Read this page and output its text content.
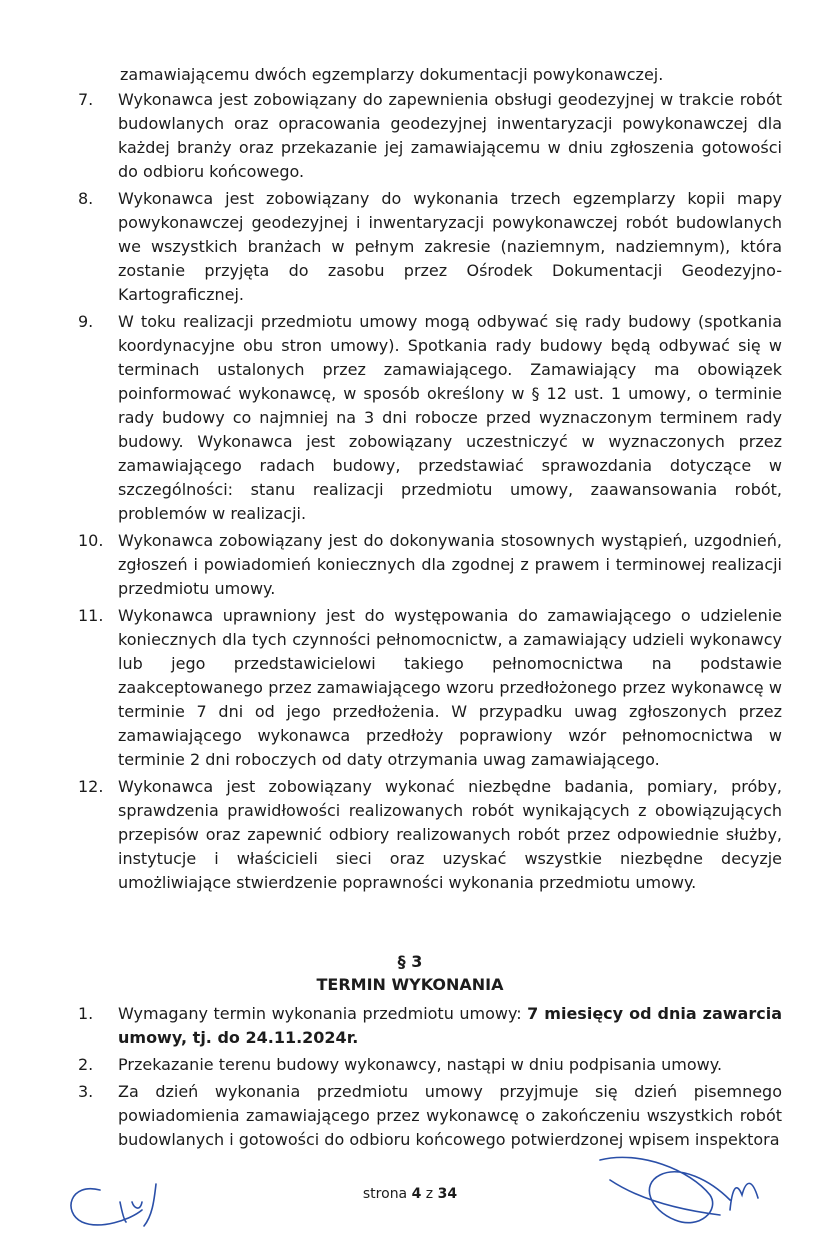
zamawiającemu dwóch egzemplarzy dokumentacji powykonawczej.
7.	Wykonawca jest zobowiązany do zapewnienia obsługi geodezyjnej w trakcie robót budowlanych oraz opracowania geodezyjnej inwentaryzacji powykonawczej dla każdej branży oraz przekazanie jej zamawiającemu w dniu zgłoszenia gotowości do odbioru końcowego.
8.	Wykonawca jest zobowiązany do wykonania trzech egzemplarzy kopii mapy powykonawczej geodezyjnej i inwentaryzacji powykonawczej robót budowlanych we wszystkich branżach w pełnym zakresie (naziemnym, nadziemnym), która zostanie przyjęta do zasobu przez Ośrodek Dokumentacji Geodezyjno-Kartograficznej.
9.	W toku realizacji przedmiotu umowy mogą odbywać się rady budowy (spotkania koordynacyjne obu stron umowy). Spotkania rady budowy będą odbywać się w terminach ustalonych przez zamawiającego. Zamawiający ma obowiązek poinformować wykonawcę, w sposób określony w § 12 ust. 1 umowy, o terminie rady budowy co najmniej na 3 dni robocze przed wyznaczonym terminem rady budowy. Wykonawca jest zobowiązany uczestniczyć w wyznaczonych przez zamawiającego radach budowy, przedstawiać sprawozdania dotyczące w szczególności: stanu realizacji przedmiotu umowy, zaawansowania robót, problemów w realizacji.
10. Wykonawca zobowiązany jest do dokonywania stosownych wystąpień, uzgodnień, zgłoszeń i powiadomień koniecznych dla zgodnej z prawem i terminowej realizacji przedmiotu umowy.
11. Wykonawca uprawniony jest do występowania do zamawiającego o udzielenie koniecznych dla tych czynności pełnomocnictw, a zamawiający udzieli wykonawcy lub jego przedstawicielowi takiego pełnomocnictwa na podstawie zaakceptowanego przez zamawiającego wzoru przedłożonego przez wykonawcę w terminie 7 dni od jego przedłożenia. W przypadku uwag zgłoszonych przez zamawiającego wykonawca przedłoży poprawiony wzór pełnomocnictwa w terminie 2 dni roboczych od daty otrzymania uwag zamawiającego.
12. Wykonawca jest zobowiązany wykonać niezbędne badania, pomiary, próby, sprawdzenia prawidłowości realizowanych robót wynikających z obowiązujących przepisów oraz zapewnić odbiory realizowanych robót przez odpowiednie służby, instytucje i właścicieli sieci oraz uzyskać wszystkie niezbędne decyzje umożliwiające stwierdzenie poprawności wykonania przedmiotu umowy.
§ 3
TERMIN WYKONANIA
1.	Wymagany termin wykonania przedmiotu umowy: 7 miesięcy od dnia zawarcia umowy, tj. do 24.11.2024r.
2.	Przekazanie terenu budowy wykonawcy, nastąpi w dniu podpisania umowy.
3.	Za dzień wykonania przedmiotu umowy przyjmuje się dzień pisemnego powiadomienia zamawiającego przez wykonawcę o zakończeniu wszystkich robót budowlanych i gotowości do odbioru końcowego potwierdzonej wpisem inspektora
strona 4 z 34
